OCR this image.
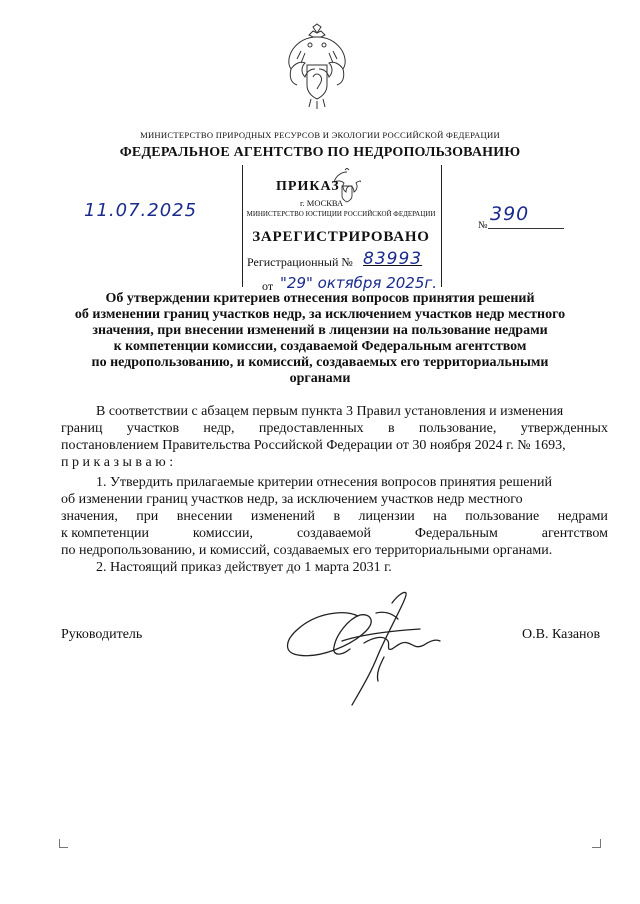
МИНИСТЕРСТВО ПРИРОДНЫХ РЕСУРСОВ И ЭКОЛОГИИ РОССИЙСКОЙ ФЕДЕРАЦИИ
ФЕДЕРАЛЬНОЕ АГЕНТСТВО ПО НЕДРОПОЛЬЗОВАНИЮ
ПРИКАЗ
г. МОСКВА
МИНИСТЕРСТВО ЮСТИЦИИ РОССИЙСКОЙ ФЕДЕРАЦИИ
ЗАРЕГИСТРИРОВАНО
Регистрационный № 83993
от "29" октября 2025г.
11.07.2025
№
390
Об утверждении критериев отнесения вопросов принятия решений
об изменении границ участков недр, за исключением участков недр местного
значения, при внесении изменений в лицензии на пользование недрами
к компетенции комиссии, создаваемой Федеральным агентством
по недропользованию, и комиссий, создаваемых его территориальными
органами
В соответствии с абзацем первым пункта 3 Правил установления и изменения
границ участков недр, предоставленных в пользование, утвержденных
постановлением Правительства Российской Федерации от 30 ноября 2024 г. № 1693,
п р и к а з ы в а ю :
1. Утвердить прилагаемые критерии отнесения вопросов принятия решений
об изменении границ участков недр, за исключением участков недр местного
значения, при внесении изменений в лицензии на пользование недрами
к компетенции	комиссии,	создаваемой	Федеральным	агентством
по недропользованию, и комиссий, создаваемых его территориальными органами.
2. Настоящий приказ действует до 1 марта 2031 г.
Руководитель	О.В. Казанов
